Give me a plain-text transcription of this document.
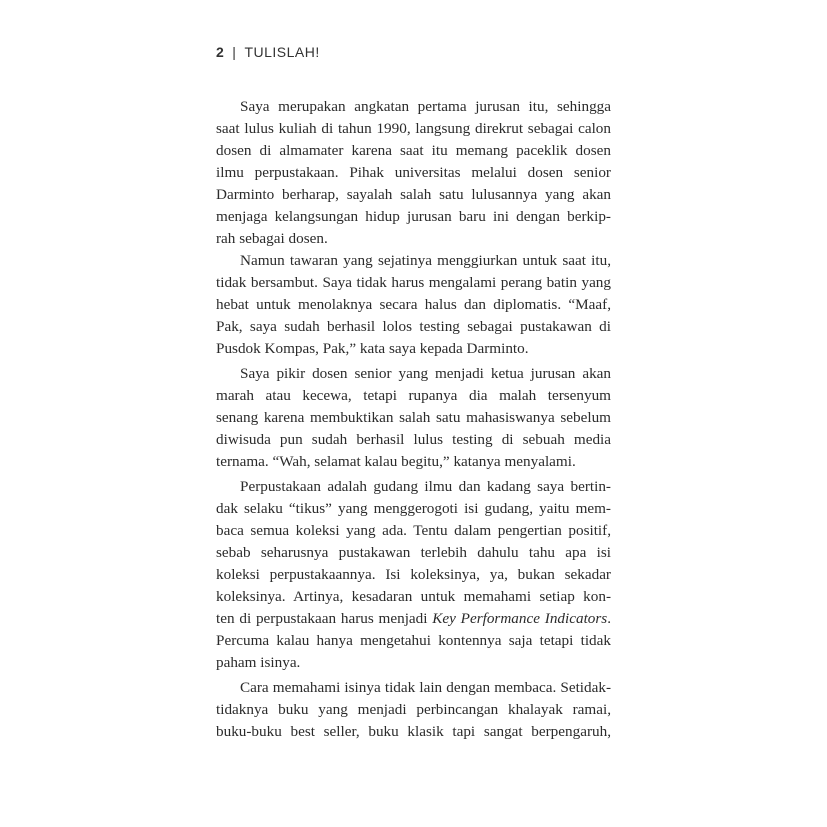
2 | TULISLAH!
Saya merupakan angkatan pertama jurusan itu, sehingga
saat lulus kuliah di tahun 1990, langsung direkrut sebagai calon
dosen di almamater karena saat itu memang paceklik dosen
ilmu perpustakaan. Pihak universitas melalui dosen senior
Darminto berharap, sayalah salah satu lulusannya yang akan
menjaga kelangsungan hidup jurusan baru ini dengan berkip-
rah sebagai dosen.
Namun tawaran yang sejatinya menggiurkan untuk saat itu,
tidak bersambut. Saya tidak harus mengalami perang batin yang
hebat untuk menolaknya secara halus dan diplomatis. “Maaf,
Pak, saya sudah berhasil lolos testing sebagai pustakawan di
Pusdok Kompas, Pak,” kata saya kepada Darminto.
Saya pikir dosen senior yang menjadi ketua jurusan akan
marah atau kecewa, tetapi rupanya dia malah tersenyum
senang karena membuktikan salah satu mahasiswanya sebelum
diwisuda pun sudah berhasil lulus testing di sebuah media
ternama. “Wah, selamat kalau begitu,” katanya menyalami.
Perpustakaan adalah gudang ilmu dan kadang saya bertin-
dak selaku “tikus” yang menggerogoti isi gudang, yaitu mem-
baca semua koleksi yang ada. Tentu dalam pengertian positif,
sebab seharusnya pustakawan terlebih dahulu tahu apa isi
koleksi perpustakaannya. Isi koleksinya, ya, bukan sekadar
koleksinya. Artinya, kesadaran untuk memahami setiap kon-
ten di perpustakaan harus menjadi Key Performance Indicators.
Percuma kalau hanya mengetahui kontennya saja tetapi tidak
paham isinya.
Cara memahami isinya tidak lain dengan membaca. Setidak-
tidaknya buku yang menjadi perbincangan khalayak ramai,
buku-buku best seller, buku klasik tapi sangat berpengaruh,
